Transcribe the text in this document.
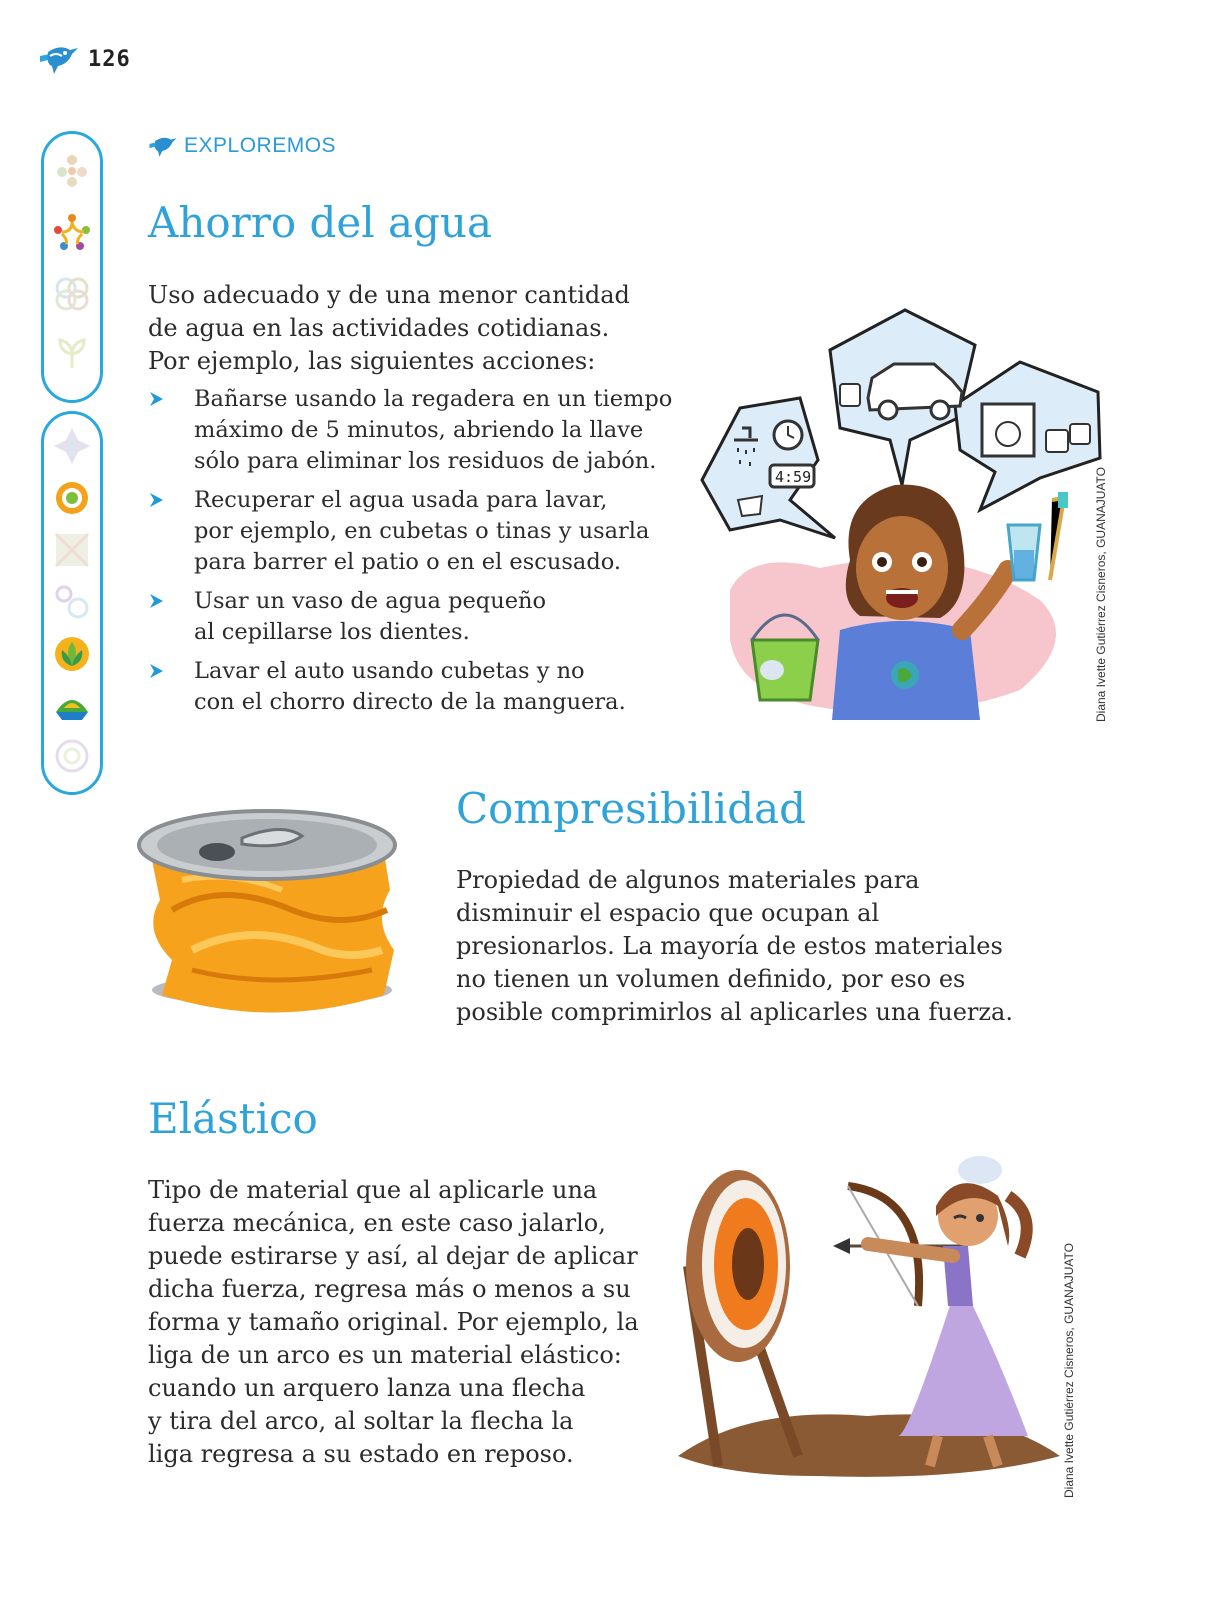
126
EXPLOREMOS
Ahorro del agua

Uso adecuado y de una menor cantidad

de agua en las actividades cotidianas.

Por ejemplo, las siguientes acciones:

Bañarse usando la regadera en un tiempo
máximo de 5 minutos, abriendo la llave
sólo para eliminar los residuos de jabón.
Recuperar el agua usada para lavar,
por ejemplo, en cubetas o tinas y usarla
para barrer el patio o en el escusado.
Usar un vaso de agua pequeño
al cepillarse los dientes.
Lavar el auto usando cubetas y no
con el chorro directo de la manguera.
4:59	Diana Ivette Gutiérrez Cisneros, GUANAJUATO
Compresibilidad

Propiedad de algunos materiales para

disminuir el espacio que ocupan al

presionarlos. La mayoría de estos materiales

no tienen un volumen definido, por eso es

posible comprimirlos al aplicarles una fuerza.

Elástico

Tipo de material que al aplicarle una

fuerza mecánica, en este caso jalarlo,

puede estirarse y así, al dejar de aplicar

dicha fuerza, regresa más o menos a su

forma y tamaño original. Por ejemplo, la

liga de un arco es un material elástico:

cuando un arquero lanza una flecha

y tira del arco, al soltar la flecha la

liga regresa a su estado en reposo.	Diana Ivette Gutiérrez Cisneros, GUANAJUATO
